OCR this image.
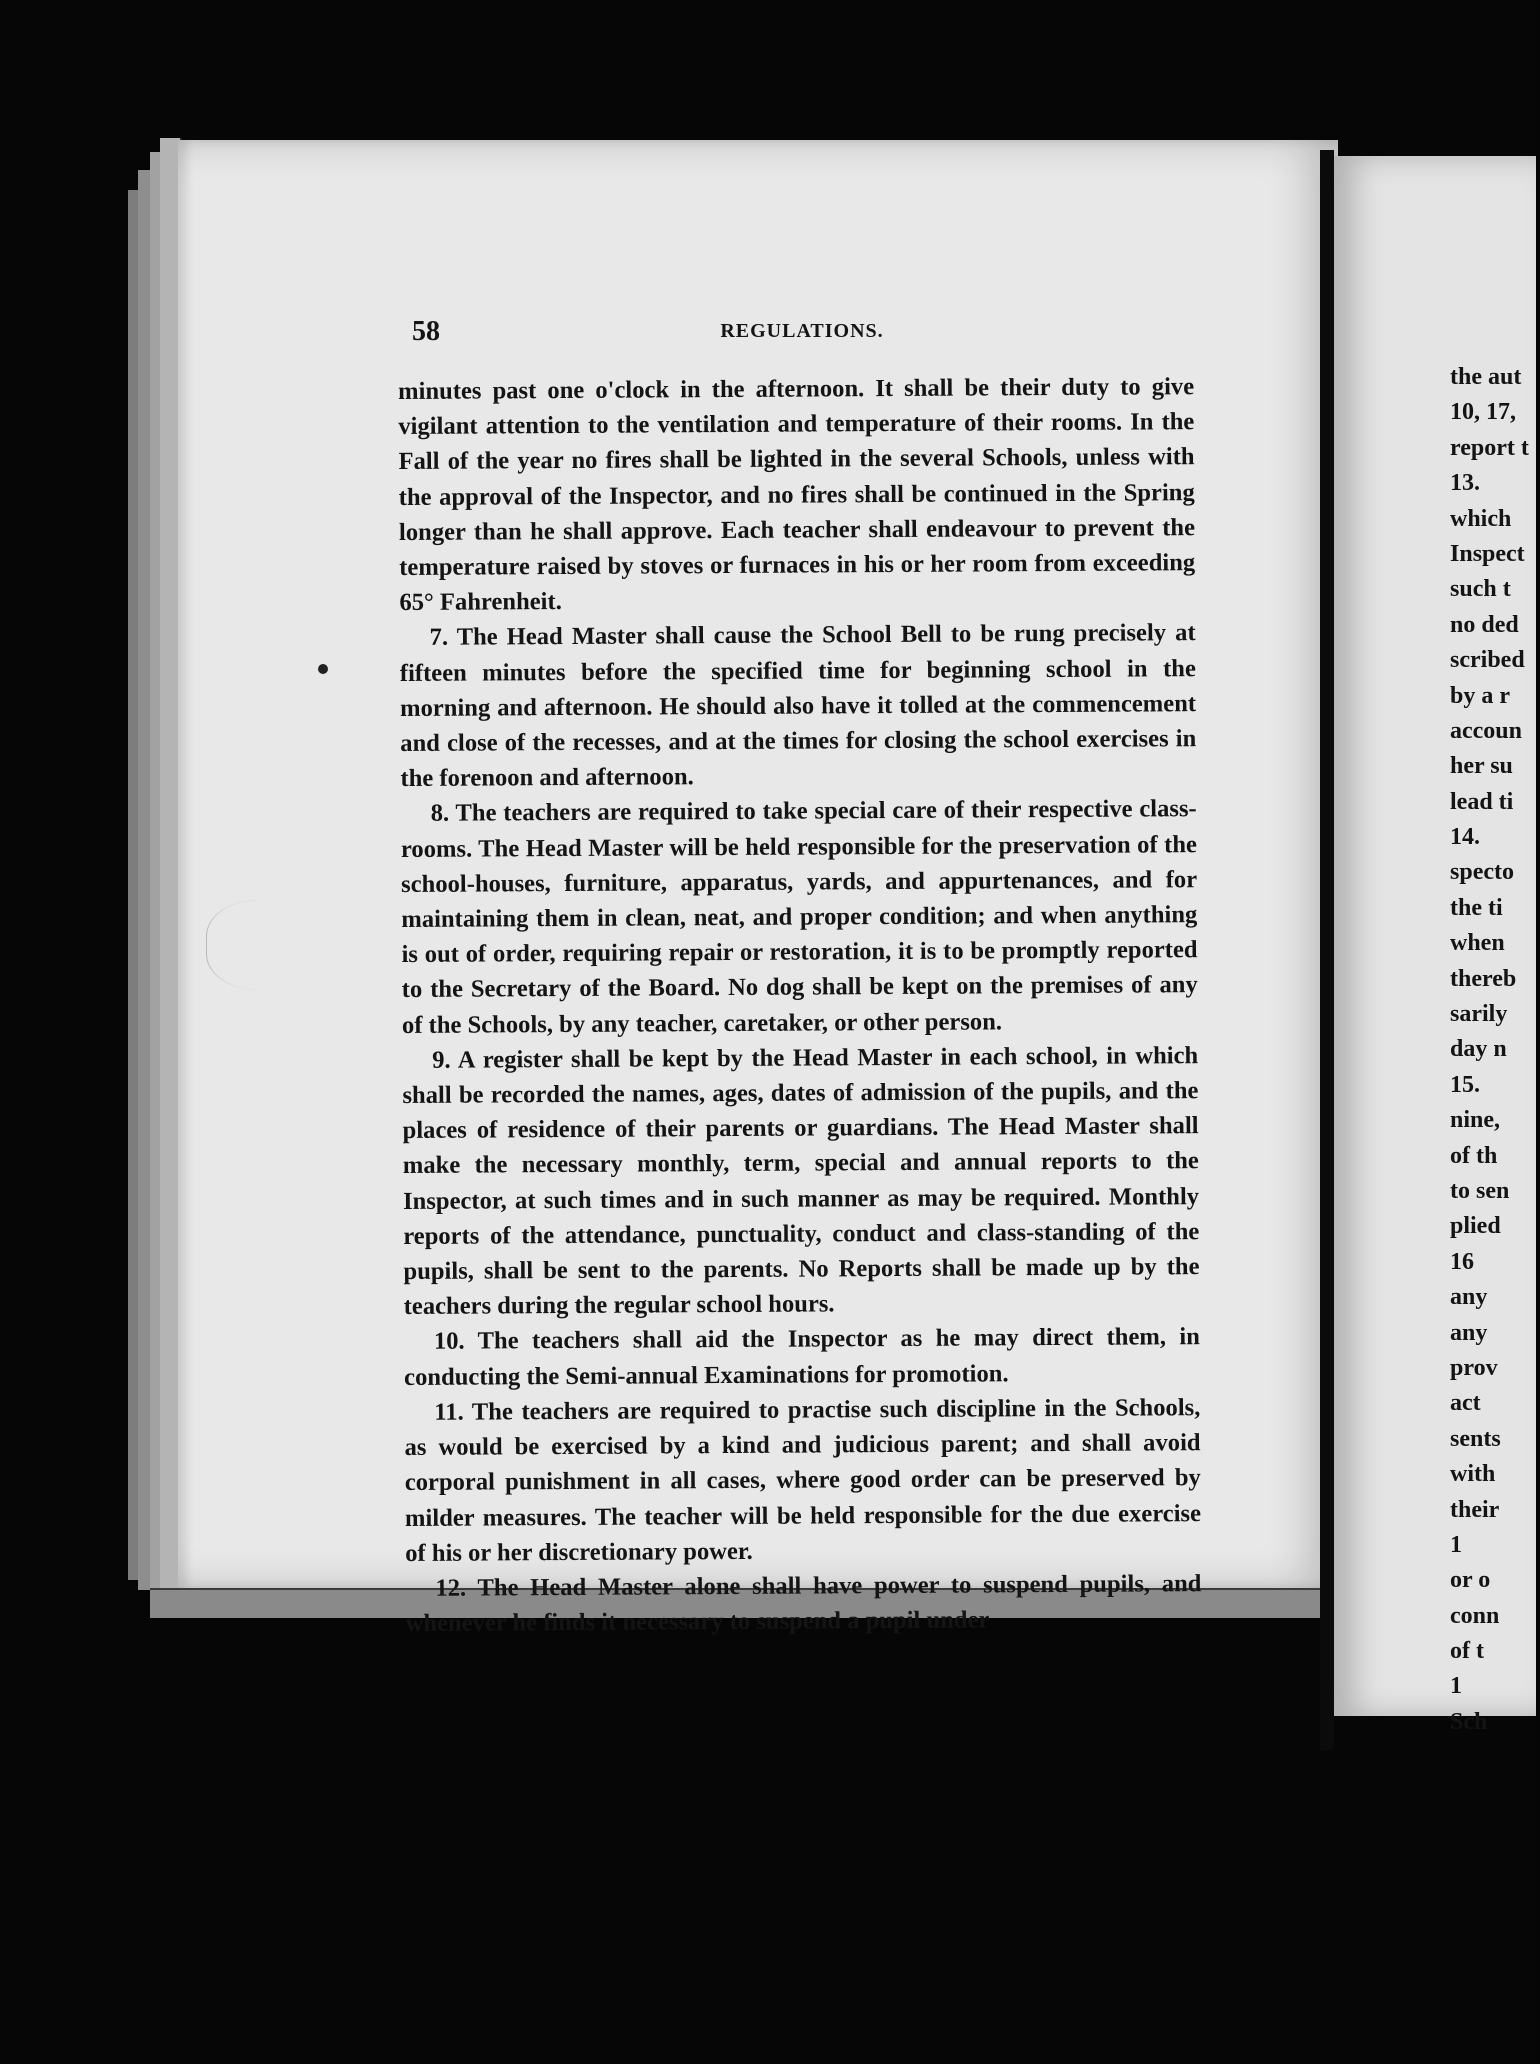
58	REGULATIONS.

minutes past one o'clock in the afternoon. It shall be their duty to give vigilant attention to the ventilation and temperature of their rooms. In the Fall of the year no fires shall be lighted in the several Schools, unless with the approval of the Inspector, and no fires shall be continued in the Spring longer than he shall approve. Each teacher shall endeavour to prevent the temperature raised by stoves or furnaces in his or her room from exceeding 65° Fahrenheit.

7. The Head Master shall cause the School Bell to be rung precisely at fifteen minutes before the specified time for beginning school in the morning and afternoon. He should also have it tolled at the commencement and close of the recesses, and at the times for closing the school exercises in the forenoon and afternoon.

8. The teachers are required to take special care of their respective class-rooms. The Head Master will be held responsible for the preservation of the school-houses, furniture, apparatus, yards, and appurtenances, and for maintaining them in clean, neat, and proper condition; and when anything is out of order, requiring repair or restoration, it is to be promptly reported to the Secretary of the Board. No dog shall be kept on the premises of any of the Schools, by any teacher, caretaker, or other person.

9. A register shall be kept by the Head Master in each school, in which shall be recorded the names, ages, dates of admission of the pupils, and the places of residence of their parents or guardians. The Head Master shall make the necessary monthly, term, special and annual reports to the Inspector, at such times and in such manner as may be required. Monthly reports of the attendance, punctuality, conduct and class-standing of the pupils, shall be sent to the parents. No Reports shall be made up by the teachers during the regular school hours.

10. The teachers shall aid the Inspector as he may direct them, in conducting the Semi-annual Examinations for promotion.

11. The teachers are required to practise such discipline in the Schools, as would be exercised by a kind and judicious parent; and shall avoid corporal punishment in all cases, where good order can be preserved by milder measures. The teacher will be held responsible for the due exercise of his or her discretionary power.

12. The Head Master alone shall have power to suspend pupils, and whenever he finds it necessary to suspend a pupil under

the aut
10, 17,
report t
13.
which
Inspect
such t
no ded
scribed
by a r
accoun
her su
lead ti
14.
specto
the ti
when
thereb
sarily
day n
15.
nine,
of th
to sen
plied
16
any
any
prov
act
sents
with
their
1
or o
conn
of t
1
Sch
